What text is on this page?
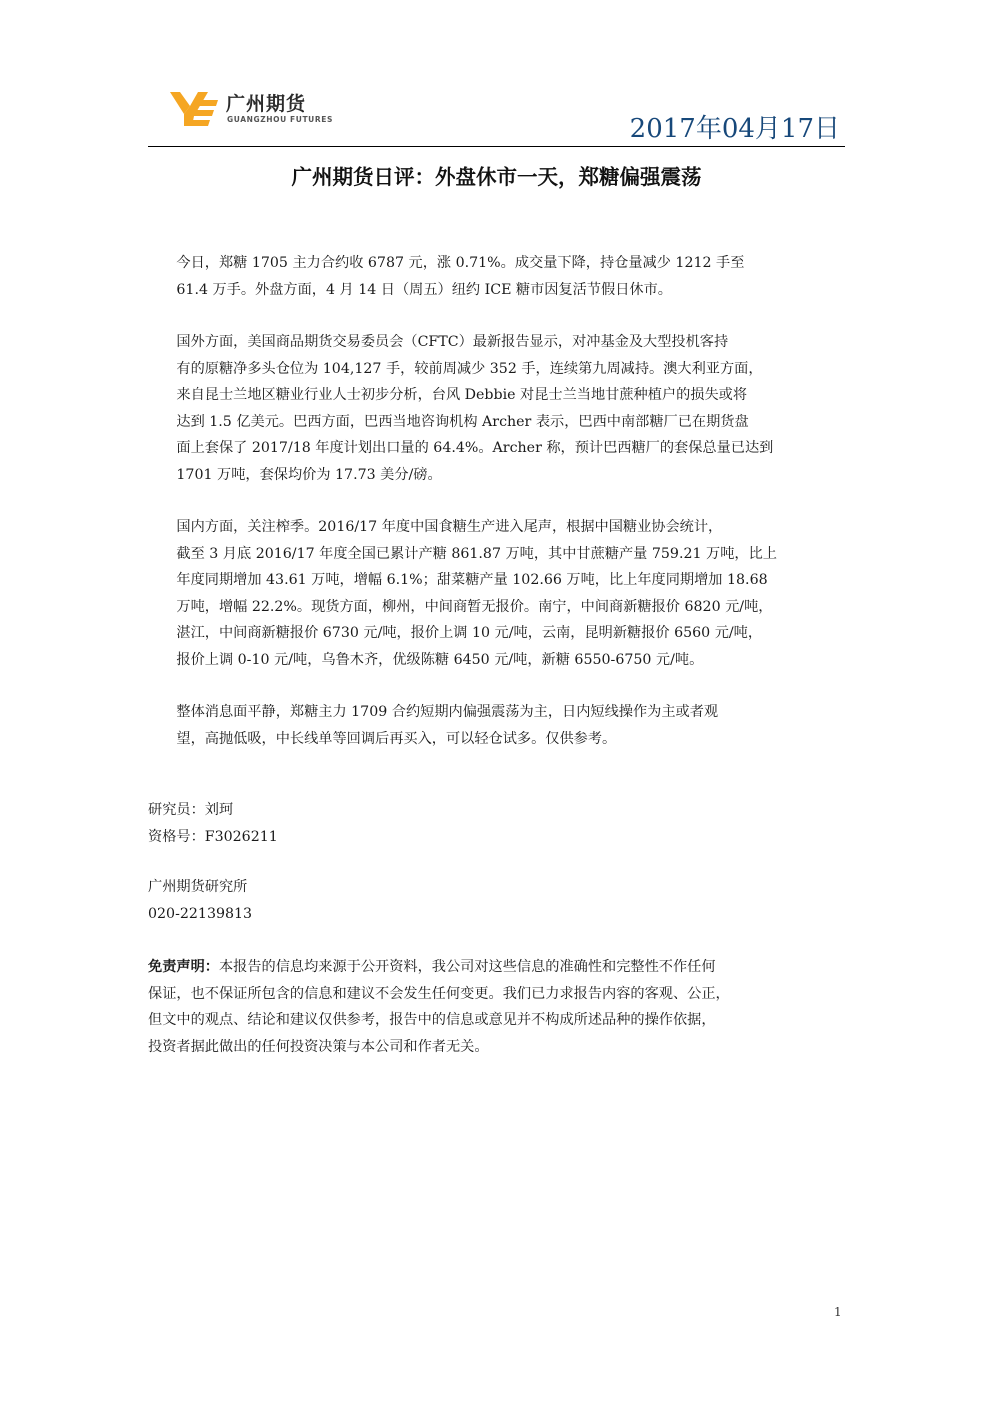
广州期货
GUANGZHOU FUTURES	2017年04月17日
广州期货日评：外盘休市一天，郑糖偏强震荡

今日，郑糖 1705 主力合约收 6787 元，涨 0.71%。成交量下降，持仓量减少 1212 手至
61.4 万手。外盘方面，4 月 14 日（周五）纽约 ICE 糖市因复活节假日休市。

国外方面，美国商品期货交易委员会（CFTC）最新报告显示，对冲基金及大型投机客持
有的原糖净多头仓位为 104,127 手，较前周减少 352 手，连续第九周减持。澳大利亚方面，
来自昆士兰地区糖业行业人士初步分析，台风 Debbie 对昆士兰当地甘蔗种植户的损失或将
达到 1.5 亿美元。巴西方面，巴西当地咨询机构 Archer 表示，巴西中南部糖厂已在期货盘
面上套保了 2017/18 年度计划出口量的 64.4%。Archer 称，预计巴西糖厂的套保总量已达到
1701 万吨，套保均价为 17.73 美分/磅。

国内方面，关注榨季。2016/17 年度中国食糖生产进入尾声，根据中国糖业协会统计，
截至 3 月底 2016/17 年度全国已累计产糖 861.87 万吨，其中甘蔗糖产量 759.21 万吨，比上
年度同期增加 43.61 万吨，增幅 6.1%；甜菜糖产量 102.66 万吨，比上年度同期增加 18.68
万吨，增幅 22.2%。现货方面，柳州，中间商暂无报价。南宁，中间商新糖报价 6820 元/吨，
湛江，中间商新糖报价 6730 元/吨，报价上调 10 元/吨，云南，昆明新糖报价 6560 元/吨，
报价上调 0-10 元/吨，乌鲁木齐，优级陈糖 6450 元/吨，新糖 6550-6750 元/吨。

整体消息面平静，郑糖主力 1709 合约短期内偏强震荡为主，日内短线操作为主或者观
望，高抛低吸，中长线单等回调后再买入，可以轻仓试多。仅供参考。

研究员：刘珂
资格号：F3026211
广州期货研究所
020-22139813
免责声明：本报告的信息均来源于公开资料，我公司对这些信息的准确性和完整性不作任何
保证，也不保证所包含的信息和建议不会发生任何变更。我们已力求报告内容的客观、公正，
但文中的观点、结论和建议仅供参考，报告中的信息或意见并不构成所述品种的操作依据，
投资者据此做出的任何投资决策与本公司和作者无关。
1
